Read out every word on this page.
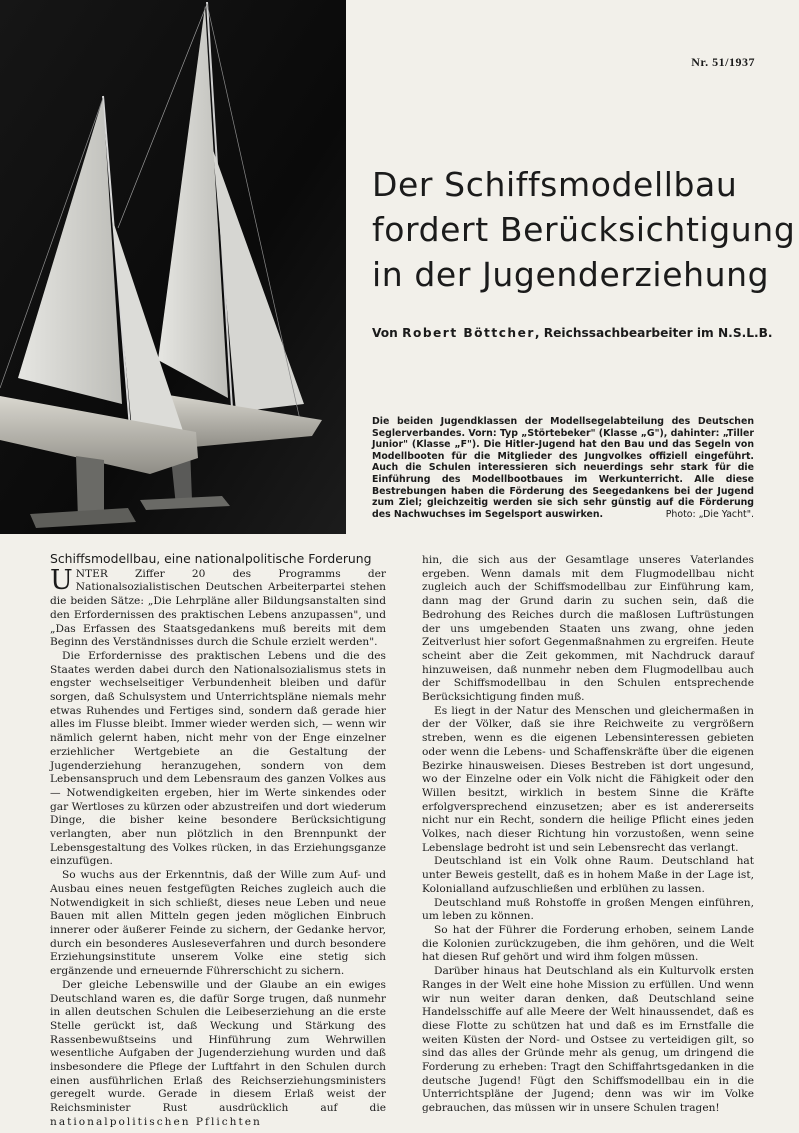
Nr. 51/1937
Der Schiffsmodellbau
fordert Berücksichtigung
in der Jugenderziehung
Von Robert Böttcher, Reichssachbearbeiter im N.S.L.B.
Die beiden Jugendklassen der Modellsegelabteilung des Deutschen Seglerverbandes. Vorn: Typ „Störtebeker" (Klasse „G"), dahinter: „Tiller Junior" (Klasse „F"). Die Hitler-Jugend hat den Bau und das Segeln von Modellbooten für die Mitglieder des Jungvolkes offiziell eingeführt. Auch die Schulen interessieren sich neuerdings sehr stark für die Einführung des Modellbootbaues im Werkunterricht. Alle diese Bestrebungen haben die Förderung des Seegedankens bei der Jugend zum Ziel; gleichzeitig werden sie sich sehr günstig auf die Förderung des Nachwuchses im Segelsport auswirken.	Photo: „Die Yacht".
Schiffsmodellbau, eine nationalpolitische Forderung

UNTER Ziffer 20 des Programms der Nationalsozialistischen Deutschen Arbeiterpartei stehen die beiden Sätze: „Die Lehrpläne aller Bildungsanstalten sind den Erfordernissen des praktischen Lebens anzupassen", und „Das Erfassen des Staatsgedankens muß bereits mit dem Beginn des Verständnisses durch die Schule erzielt werden".

Die Erfordernisse des praktischen Lebens und die des Staates werden dabei durch den Nationalsozialismus stets in engster wechselseitiger Verbundenheit bleiben und dafür sorgen, daß Schulsystem und Unterrichtspläne niemals mehr etwas Ruhendes und Fertiges sind, sondern daß gerade hier alles im Flusse bleibt. Immer wieder werden sich, — wenn wir nämlich gelernt haben, nicht mehr von der Enge einzelner erziehlicher Wertgebiete an die Gestaltung der Jugenderziehung heranzugehen, sondern von dem Lebensanspruch und dem Lebensraum des ganzen Volkes aus — Notwendigkeiten ergeben, hier im Werte sinkendes oder gar Wertloses zu kürzen oder abzustreifen und dort wiederum Dinge, die bisher keine besondere Berücksichtigung verlangten, aber nun plötzlich in den Brennpunkt der Lebensgestaltung des Volkes rücken, in das Erziehungsganze einzufügen.

So wuchs aus der Erkenntnis, daß der Wille zum Auf- und Ausbau eines neuen festgefügten Reiches zugleich auch die Notwendigkeit in sich schließt, dieses neue Leben und neue Bauen mit allen Mitteln gegen jeden möglichen Einbruch innerer oder äußerer Feinde zu sichern, der Gedanke hervor, durch ein besonderes Ausleseverfahren und durch besondere Erziehungsinstitute unserem Volke eine stetig sich ergänzende und erneuernde Führerschicht zu sichern.

Der gleiche Lebenswille und der Glaube an ein ewiges Deutschland waren es, die dafür Sorge trugen, daß nunmehr in allen deutschen Schulen die Leibeserziehung an die erste Stelle gerückt ist, daß Weckung und Stärkung des Rassenbewußtseins und Hinführung zum Wehrwillen wesentliche Aufgaben der Jugenderziehung wurden und daß insbesondere die Pflege der Luftfahrt in den Schulen durch einen ausführlichen Erlaß des Reichserziehungsministers geregelt wurde. Gerade in diesem Erlaß weist der Reichsminister Rust ausdrücklich auf die nationalpolitischen Pflichten

hin, die sich aus der Gesamtlage unseres Vaterlandes ergeben. Wenn damals mit dem Flugmodellbau nicht zugleich auch der Schiffsmodellbau zur Einführung kam, dann mag der Grund darin zu suchen sein, daß die Bedrohung des Reiches durch die maßlosen Luftrüstungen der uns umgebenden Staaten uns zwang, ohne jeden Zeitverlust hier sofort Gegenmaßnahmen zu ergreifen. Heute scheint aber die Zeit gekommen, mit Nachdruck darauf hinzuweisen, daß nunmehr neben dem Flugmodellbau auch der Schiffsmodellbau in den Schulen entsprechende Berücksichtigung finden muß.

Es liegt in der Natur des Menschen und gleichermaßen in der der Völker, daß sie ihre Reichweite zu vergrößern streben, wenn es die eigenen Lebensinteressen gebieten oder wenn die Lebens- und Schaffenskräfte über die eigenen Bezirke hinausweisen. Dieses Bestreben ist dort ungesund, wo der Einzelne oder ein Volk nicht die Fähigkeit oder den Willen besitzt, wirklich in bestem Sinne die Kräfte erfolgversprechend einzusetzen; aber es ist andererseits nicht nur ein Recht, sondern die heilige Pflicht eines jeden Volkes, nach dieser Richtung hin vorzustoßen, wenn seine Lebenslage bedroht ist und sein Lebensrecht das verlangt.

Deutschland ist ein Volk ohne Raum. Deutschland hat unter Beweis gestellt, daß es in hohem Maße in der Lage ist, Kolonialland aufzuschließen und erblühen zu lassen.

Deutschland muß Rohstoffe in großen Mengen einführen, um leben zu können.

So hat der Führer die Forderung erhoben, seinem Lande die Kolonien zurückzugeben, die ihm gehören, und die Welt hat diesen Ruf gehört und wird ihm folgen müssen.

Darüber hinaus hat Deutschland als ein Kulturvolk ersten Ranges in der Welt eine hohe Mission zu erfüllen. Und wenn wir nun weiter daran denken, daß Deutschland seine Handelsschiffe auf alle Meere der Welt hinaussendet, daß es diese Flotte zu schützen hat und daß es im Ernstfalle die weiten Küsten der Nord- und Ostsee zu verteidigen gilt, so sind das alles der Gründe mehr als genug, um dringend die Forderung zu erheben: Tragt den Schiffahrtsgedanken in die deutsche Jugend! Fügt den Schiffsmodellbau ein in die Unterrichtspläne der Jugend; denn was wir im Volke gebrauchen, das müssen wir in unsere Schulen tragen!
